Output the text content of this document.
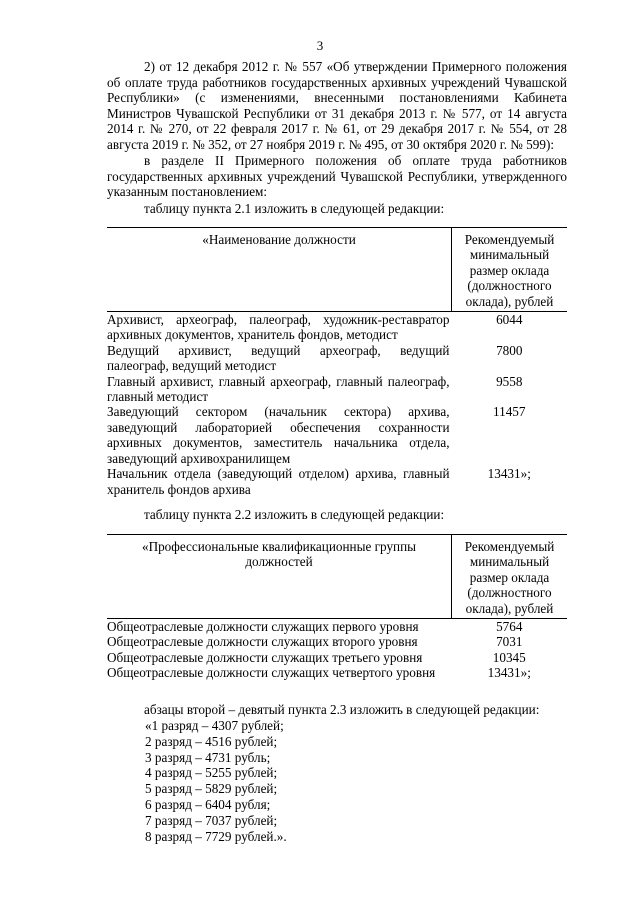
3
2) от 12 декабря 2012 г. № 557 «Об утверждении Примерного положения об оплате труда работников государственных архивных учреждений Чувашской Республики» (с изменениями, внесенными постановлениями Кабинета Министров Чувашской Республики от 31 декабря 2013 г. № 577, от 14 августа 2014 г. № 270, от 22 февраля 2017 г. № 61, от 29 декабря 2017 г. № 554, от 28 августа 2019 г. № 352, от 27 ноября 2019 г. № 495, от 30 октября 2020 г. № 599):
в разделе II Примерного положения об оплате труда работников государственных архивных учреждений Чувашской Республики, утвержденного указанным постановлением:
таблицу пункта 2.1 изложить в следующей редакции:
«Наименование должности	Рекомендуемый минимальный размер оклада (должностного оклада), рублей
Архивист, археограф, палеограф, художник-реставратор архивных документов, хранитель фондов, методист	6044
Ведущий архивист, ведущий археограф, ведущий палеограф, ведущий методист	7800
Главный архивист, главный археограф, главный палеограф, главный методист	9558
Заведующий сектором (начальник сектора) архива, заведующий лабораторией обеспечения сохранности архивных документов, заместитель начальника отдела, заведующий архивохранилищем	11457
Начальник отдела (заведующий отделом) архива, главный хранитель фондов архива	13431»;
таблицу пункта 2.2 изложить в следующей редакции:
«Профессиональные квалификационные группы должностей	Рекомендуемый минимальный размер оклада (должностного оклада), рублей
Общеотраслевые должности служащих первого уровня	5764
Общеотраслевые должности служащих второго уровня	7031
Общеотраслевые должности служащих третьего уровня	10345
Общеотраслевые должности служащих четвертого уровня	13431»;
абзацы второй – девятый пункта 2.3 изложить в следующей редакции:
«1 разряд – 4307 рублей;
2 разряд – 4516 рублей;
3 разряд – 4731 рубль;
4 разряд – 5255 рублей;
5 разряд – 5829 рублей;
6 разряд – 6404 рубля;
7 разряд – 7037 рублей;
8 разряд – 7729 рублей.».
